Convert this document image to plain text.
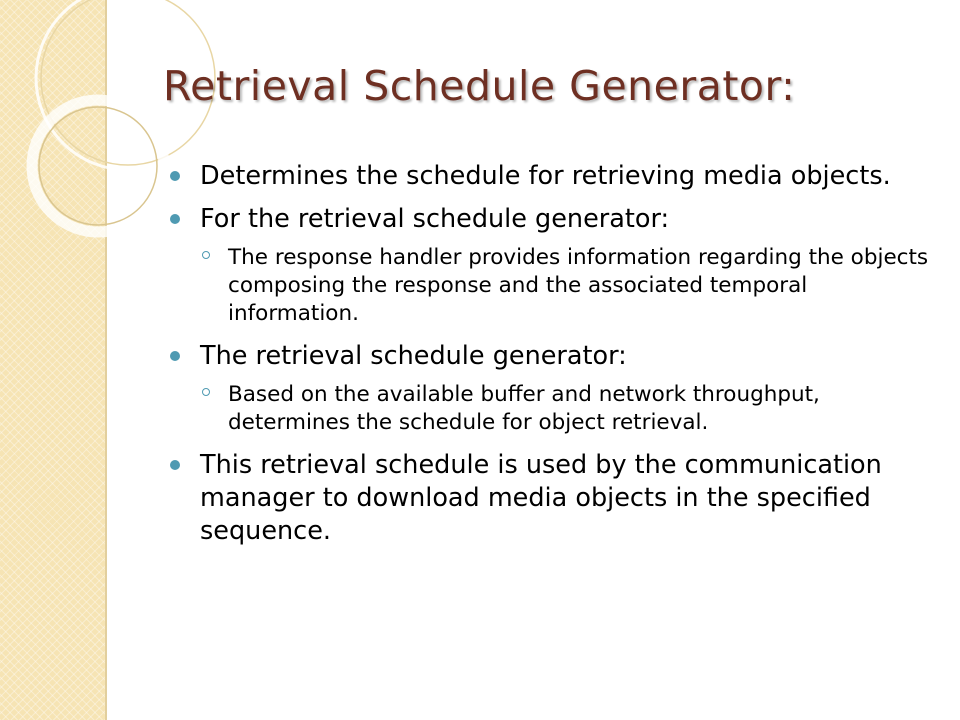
Retrieval Schedule Generator:
Determines the schedule for retrieving media objects.
For the retrieval schedule generator:
The response handler provides information regarding the objects composing the response and the associated temporal information.
The retrieval schedule generator:
Based on the available buffer and network throughput, determines the schedule for object retrieval.
This retrieval schedule is used by the communication manager to download media objects in the specified sequence.
